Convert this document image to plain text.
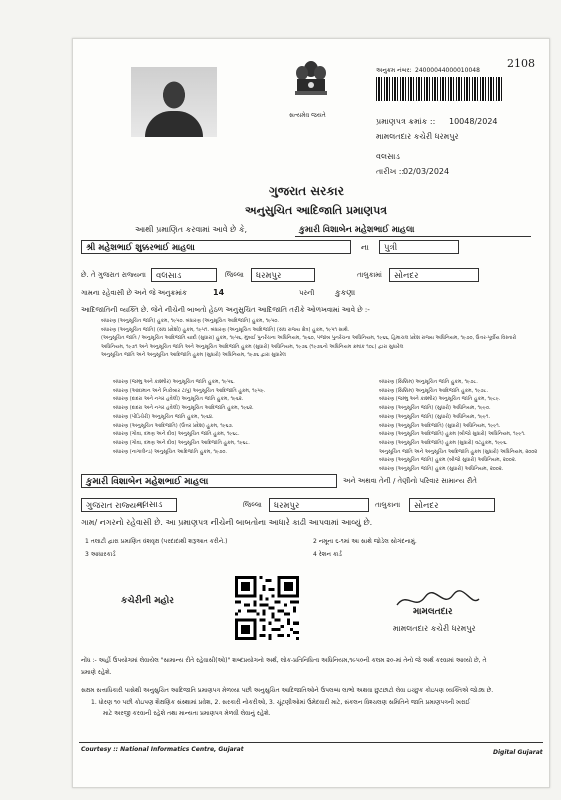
2108
સત્યમેવ જયતે
અનુક્રમ નંબર: 24000044000010048
પ્રમાણપત્ર ક્રમાંક :: 10048/2024
મામલતદાર કચેરી ધરમપુર
વલસાડ
તારીખ ::
02/03/2024
ગુજરાત સરકાર
અનુસુચિત આદિજાતિ પ્રમાણપત્ર
આથી પ્રમાણિત કરવામાં આવે છે કે,	કુમારી વિશાબેન મહેશભાઈ માહલા
શ્રી મહેશભાઈ શુક્કરભાઈ માહલા	ના	પુત્રી
છે. તે ગુજરાત રાજ્યના	વલસાડ	જિલ્લા	ધરમપુર	તાલુકામાં	સોનદર
ગામના રહેવાસી છે અને જે અનુક્રમાંક	14	પરની	કુકણા
આદિજાતિની વ્યક્તિ છે. જેને નીચેની બાબતો હેઠળ અનુસુચિત આદિજાતિ તરીકે ઓળખવામાં આવે છે :-
બંધારણ (અનુસૂચિત જાતિ) હુકમ, ૧૯૫૦. બંધારણ (અનુસૂચિત આદિજાતિ) હુકમ, ૧૯૫૦.
બંધારણ (અનુસૂચિત જાતિ) (સંઘ પ્રદેશો) હુકમ, ૧૯૫૧. બંધારણ (અનુસૂચિત આદિજાતિ) (સંઘ રાજ્ય ક્ષેત્ર) હુકમ, ૧૯૫૧ સાથે.
(અનુસૂચિત જાતિ / અનુસૂચિત આદિજાતિ યાદી (સુધારા) હુકમ, ૧૯૫૬, મુંબઈ પુનર્રચના અધિનિયમ, ૧૯૬૦, પંજાબ પુનર્રચના અધિનિયમ, ૧૯૬૬, હિમાચલ પ્રદેશ રાજ્ય અધિનિયમ, ૧૯૭૦, ઉત્તર-પૂર્વીય વિસ્તારો
અધિનિયમ, ૧૯૭૧ અને અનુસૂચિત જાતિ અને અનુસૂચિત આદિજાતિ હુકમ (સુધારો) અધિનિયમ, ૧૯૭૬ (૧૯૭૬નો અધિનિયમ ક્રમાંક ૧૦૮) દ્વારા સુધારેલ
અનુસૂચિત જાતિ અને અનુસૂચિત આદિજાતિ હુકમ (સુધારો) અધિનિયમ, ૧૯૭૬ દ્વારા સુધારેલ
બંધારણ (જમ્મુ અને કાશ્મીર) અનુસૂચિત જાતિ હુકમ, ૧૯૫૬.
બંધારણ (આંદામાન અને નિકોબાર ટાપુ) અનુસૂચિત આદિજાતિ હુકમ, ૧૯૫૯.
બંધારણ (દાદરા અને નગર હવેલી) અનુસૂચિત જાતિ હુકમ, ૧૯૬૨.
બંધારણ (દાદરા અને નગર હવેલી) અનુસૂચિત આદિજાતિ હુકમ, ૧૯૬૨.
બંધારણ (પોંડિચેરી) અનુસૂચિત જાતિ હુકમ, ૧૯૬૪.
બંધારણ (અનુસૂચિત આદિજાતિ) (ઉત્તર પ્રદેશ) હુકમ, ૧૯૬૭.
બંધારણ (ગોવા, દમણ અને દીવ) અનુસૂચિત જાતિ હુકમ, ૧૯૬૮.
બંધારણ (ગોવા, દમણ અને દીવ) અનુસૂચિત આદિજાતિ હુકમ, ૧૯૬૮.
બંધારણ (નાગાલેન્ડ) અનુસૂચિત આદિજાતિ હુકમ, ૧૯૭૦.
બંધારણ (સિક્કિમ) અનુસૂચિત જાતિ હુકમ, ૧૯૭૮.
બંધારણ (સિક્કિમ) અનુસૂચિત આદિજાતિ હુકમ, ૧૯૭૮.
બંધારણ (જમ્મુ અને કાશ્મીર) અનુસૂચિત જાતિ હુકમ, ૧૯૮૯.
બંધારણ (અનુસૂચિત જાતિ) (સુધારો) અધિનિયમ, ૧૯૯૦.
બંધારણ (અનુસૂચિત જાતિ) (સુધારો) અધિનિયમ, ૧૯૯૧.
બંધારણ (અનુસૂચિત આદિજાતિ) (સુધારો) અધિનિયમ, ૧૯૯૧.
બંધારણ (અનુસૂચિત આદિજાતિ) હુકમ (બીજો સુધારો) અધિનિયમ, ૧૯૯૧.
બંધારણ (અનુસૂચિત આદિજાતિ) હુકમ (સુધારો) વટહુકમ, ૧૯૯૬.
અનુસૂચિત જાતિ અને અનુસૂચિત આદિજાતિ હુકમ (સુધારો) અધિનિયમ, ૨૦૦૨
બંધારણ (અનુસૂચિત જાતિ) હુકમ (બીજો સુધારો) અધિનિયમ, ૨૦૦૨.
બંધારણ (અનુસૂચિત જાતિ) હુકમ (સુધારો) અધિનિયમ, ૨૦૦૨.
કુમારી વિશાબેન મહેશભાઈ માહલા	અને અથવા તેની / તેણીનો પરિવાર સામાન્ય રીતે
ગુજરાત રાજ્યના
વલસાડ	જિલ્લા	ધરમપુર	તાલુકાના	સોનદર
ગામ/ નગરનો રહેવાસી છે. આ પ્રમાણપત્ર નીચેની બાબતોના આધારે કાઢી આપવામાં આવ્યું છે.
1 તલાટી દ્વારા પ્રમાણિત વંશવૃક્ષ (પરદાદાથી શરૂઆત કરીને.)	2 નમૂના ૬-૧માં આ સાથે જોડેલ સોગંદનામું.
3 આધારકાર્ડ	4 રેશન કાર્ડ
કચેરીની મહોર
મામલતદાર
મામલતદાર કચેરી ધરમપુર
નોંધ :- અહીં ઉપયોગમાં લેવાયેલ "સામાન્ય રીતે રહેવાસી(ઓ)" શબ્દપ્રયોગનો અર્થ, લોક-પ્રતિનિધિત્વ અધિનિયમ,૧૯૫૦ની કલમ ૨૦-માં તેનો જે અર્થ કરવામાં આવ્યો છે, તે
પ્રમાણે રહેશે.
સક્ષમ સત્તાધિકારી પાસેથી અનુસુચિત આદિજાતિ પ્રમાણપત્ર મેળવ્યા પછી અનુસુચિત આદિજાતિઓને ઉપલબ્ધ લાભો અથવા છુટછાટો લેવા ઇચ્છુક કોઇપણ વ્યક્તિએ જોડ્ય છે.
1. ધોરણ ૧૦ પછી કોઇપણ શૈક્ષણિક સંસ્થામાં પ્રવેશ, 2. સરકારી નોકરીઓ, 3. ચૂંટણીઓમાં ઉમેદવારી માટે, સંકલન વિશ્ચલણ સમિતિને જાતિ પ્રમાણપત્રની ખરાઈ
માટે અરજી કરવાની રહેશે તથા માન્યતા પ્રમાણપત્ર મેળવી લેવાનું રહેશે.
Courtesy :: National Informatics Centre, Gujarat	Digital Gujarat
